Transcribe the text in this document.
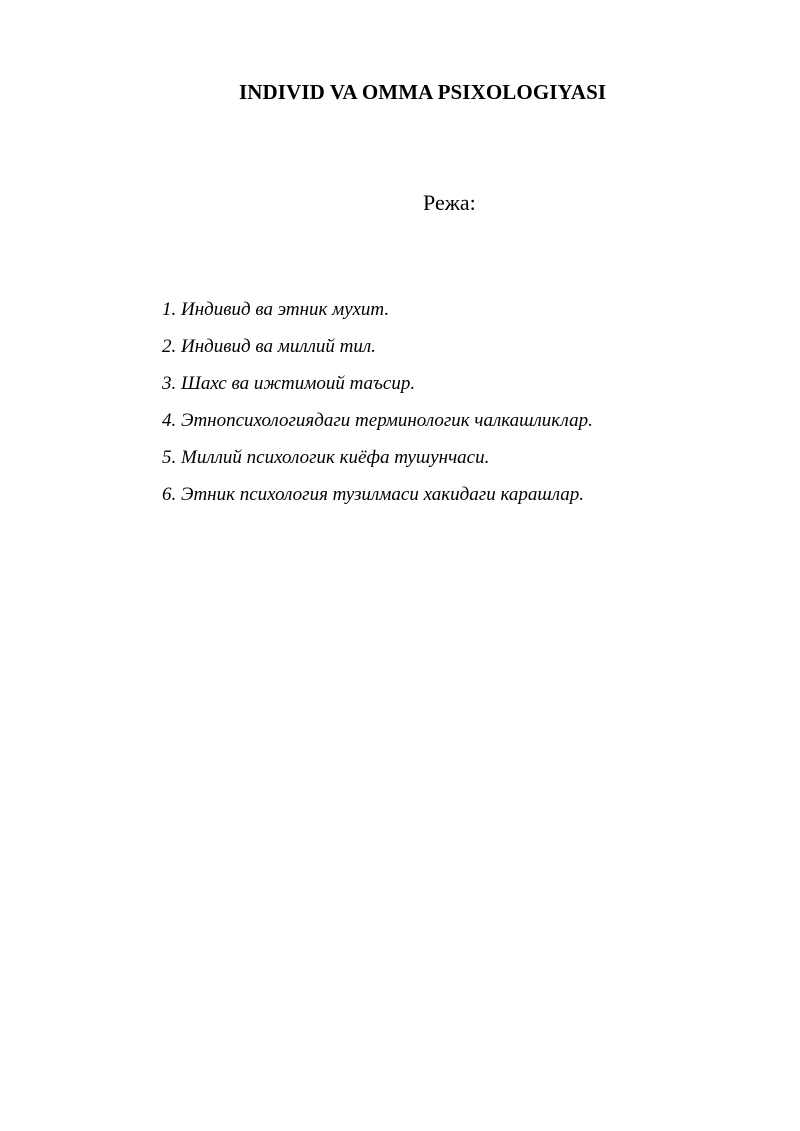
INDIVID VA OMMA PSIXOLOGIYASI
Режа:
1. Индивид ва этник мухит.
2. Индивид ва миллий тил.
3. Шахс ва ижтимоий таъсир.
4. Этнопсихологиядаги терминологик чалкашликлар.
5. Миллий психологик киёфа тушунчаси.
6. Этник психология тузилмаси хакидаги карашлар.
